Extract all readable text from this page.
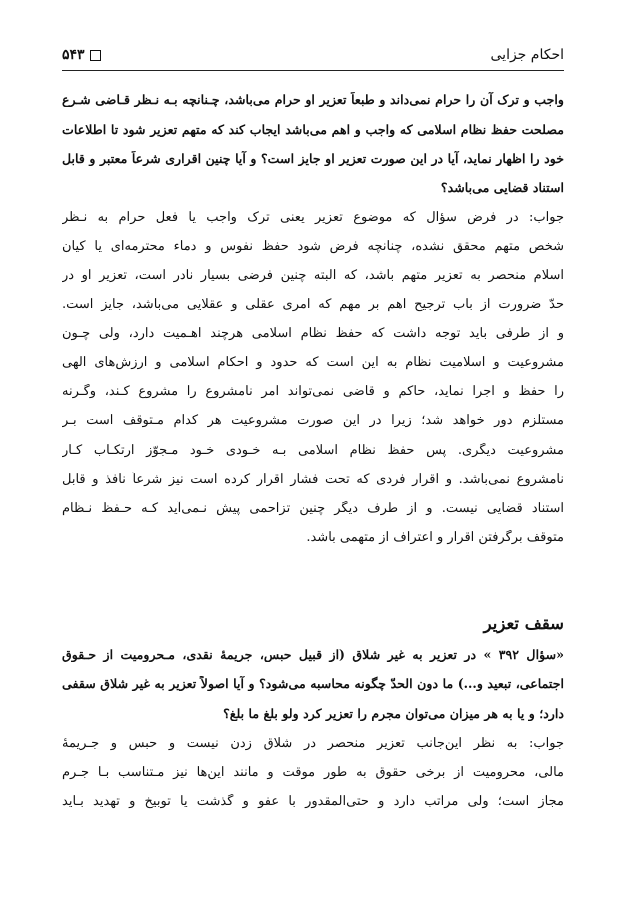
احکام جزایی
۵۴۳
واجب و ترک آن را حرام نمی‌داند و طبعاً تعزیر او حرام می‌باشد، چـنانچه بـه نـظر قـاضی شـرع
مصلحت حفظ نظام اسلامی که واجب و اهم می‌باشد ایجاب کند که متهم تعزیر شود تا اطلاعات
خود را اظهار نماید، آیا در این صورت تعزیر او جایز است؟ و آیا چنین اقراری شرعاً معتبر و قابل
استناد قضایی می‌باشد؟
جواب: در فرض سؤال که موضوع تعزیر یعنی ترک واجب یا فعل حرام به نـظر
شخص متهم محقق نشده، چنانچه فرض شود حفظ نفوس و دماء محترمه‌ای یا کیان
اسلام منحصر به تعزیر متهم باشد، که البته چنین فرضی بسیار نادر است، تعزیر او در
حدّ ضرورت از باب ترجیح اهم بر مهم که امری عقلی و عقلایی می‌باشد، جایز است.
و از طرفی باید توجه داشت که حفظ نظام اسلامی هرچند اهـمیت دارد، ولی چـون
مشروعیت و اسلامیت نظام به این است که حدود و احکام اسلامی و ارزش‌های الهی
را حفظ و اجرا نماید، حاکم و قاضی نمی‌تواند امر نامشروع را مشروع کـند، وگـرنه
مستلزم دور خواهد شد؛ زیرا در این صورت مشروعیت هر کدام مـتوقف است بـر
مشروعیت دیگری. پس حفظ نظام اسلامی بـه خـودی خـود مـجوّز ارتکـاب کـار
نامشروع نمی‌باشد. و اقرار فردی که تحت فشار اقرار کرده است نیز شرعاً نافذ و قابل
استناد قضایی نیست. و از طرف دیگر چنین تزاحمی پیش نـمی‌آید کـه حـفظ نـظام
متوقف برگرفتن اقرار و اعتراف از متهمی باشد.
سقف تعزیر
«سؤال ۳۹۲ » در تعزیر به غیر شلاق (از قبیل حبس، جریمهٔ نقدی، مـحرومیت از حـقوق
اجتماعی، تبعید و...) ما دون الحدّ چگونه محاسبه می‌شود؟ و آیا اصولاً تعزیر به غیر شلاق سقفی
دارد؛ و یا به هر میزان می‌توان مجرم را تعزیر کرد ولو بلغ ما بلغ؟
جواب: به نظر این‌جانب تعزیر منحصر در شلاق زدن نیست و حبس و جـریمهٔ
مالی، محرومیت از برخی حقوق به طور موقت و مانند این‌ها نیز مـتناسب بـا جـرم
مجاز است؛ ولی مراتب دارد و حتی‌المقدور با عفو و گذشت یا توبیخ و تهدید بـاید
